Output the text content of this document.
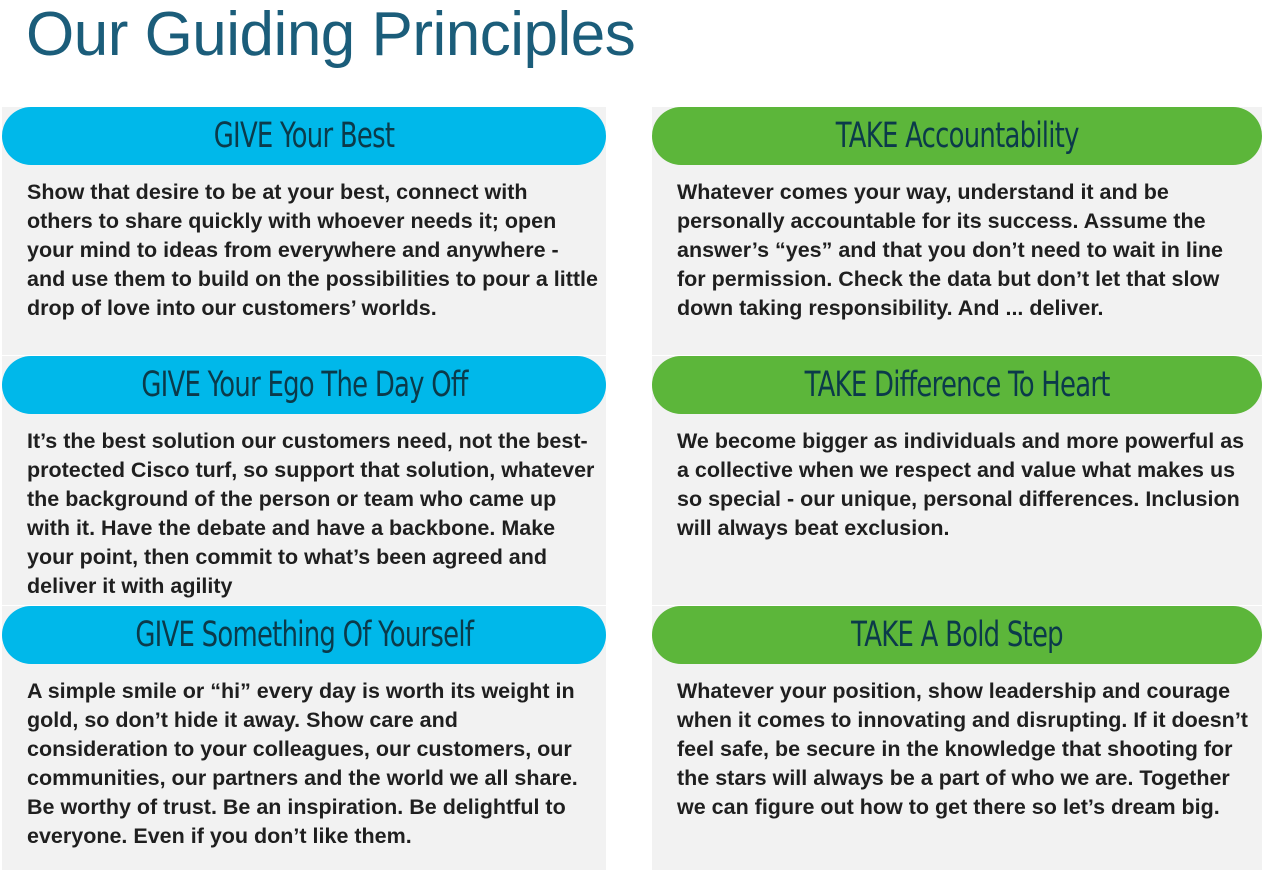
Our Guiding Principles
GIVE Your Best

Show that desire to be at your best, connect with others to share quickly with whoever needs it; open your mind to ideas from everywhere and anywhere - and use them to build on the possibilities to pour a little drop of love into our customers’ worlds.

TAKE Accountability

Whatever comes your way, understand it and be personally accountable for its success. Assume the answer’s “yes” and that you don’t need to wait in line for permission. Check the data but don’t let that slow down taking responsibility. And ... deliver.

GIVE Your Ego The Day Off

It’s the best solution our customers need, not the best-protected Cisco turf, so support that solution, whatever the background of the person or team who came up with it. Have the debate and have a backbone. Make your point, then commit to what’s been agreed and deliver it with agility

TAKE Difference To Heart

We become bigger as individuals and more powerful as a collective when we respect and value what makes us so special - our unique, personal differences. Inclusion will always beat exclusion.

GIVE Something Of Yourself

A simple smile or “hi” every day is worth its weight in gold, so don’t hide it away. Show care and consideration to your colleagues, our customers, our communities, our partners and the world we all share. Be worthy of trust. Be an inspiration. Be delightful to everyone. Even if you don’t like them.

TAKE A Bold Step

Whatever your position, show leadership and courage when it comes to innovating and disrupting. If it doesn’t feel safe, be secure in the knowledge that shooting for the stars will always be a part of who we are. Together we can figure out how to get there so let’s dream big.
